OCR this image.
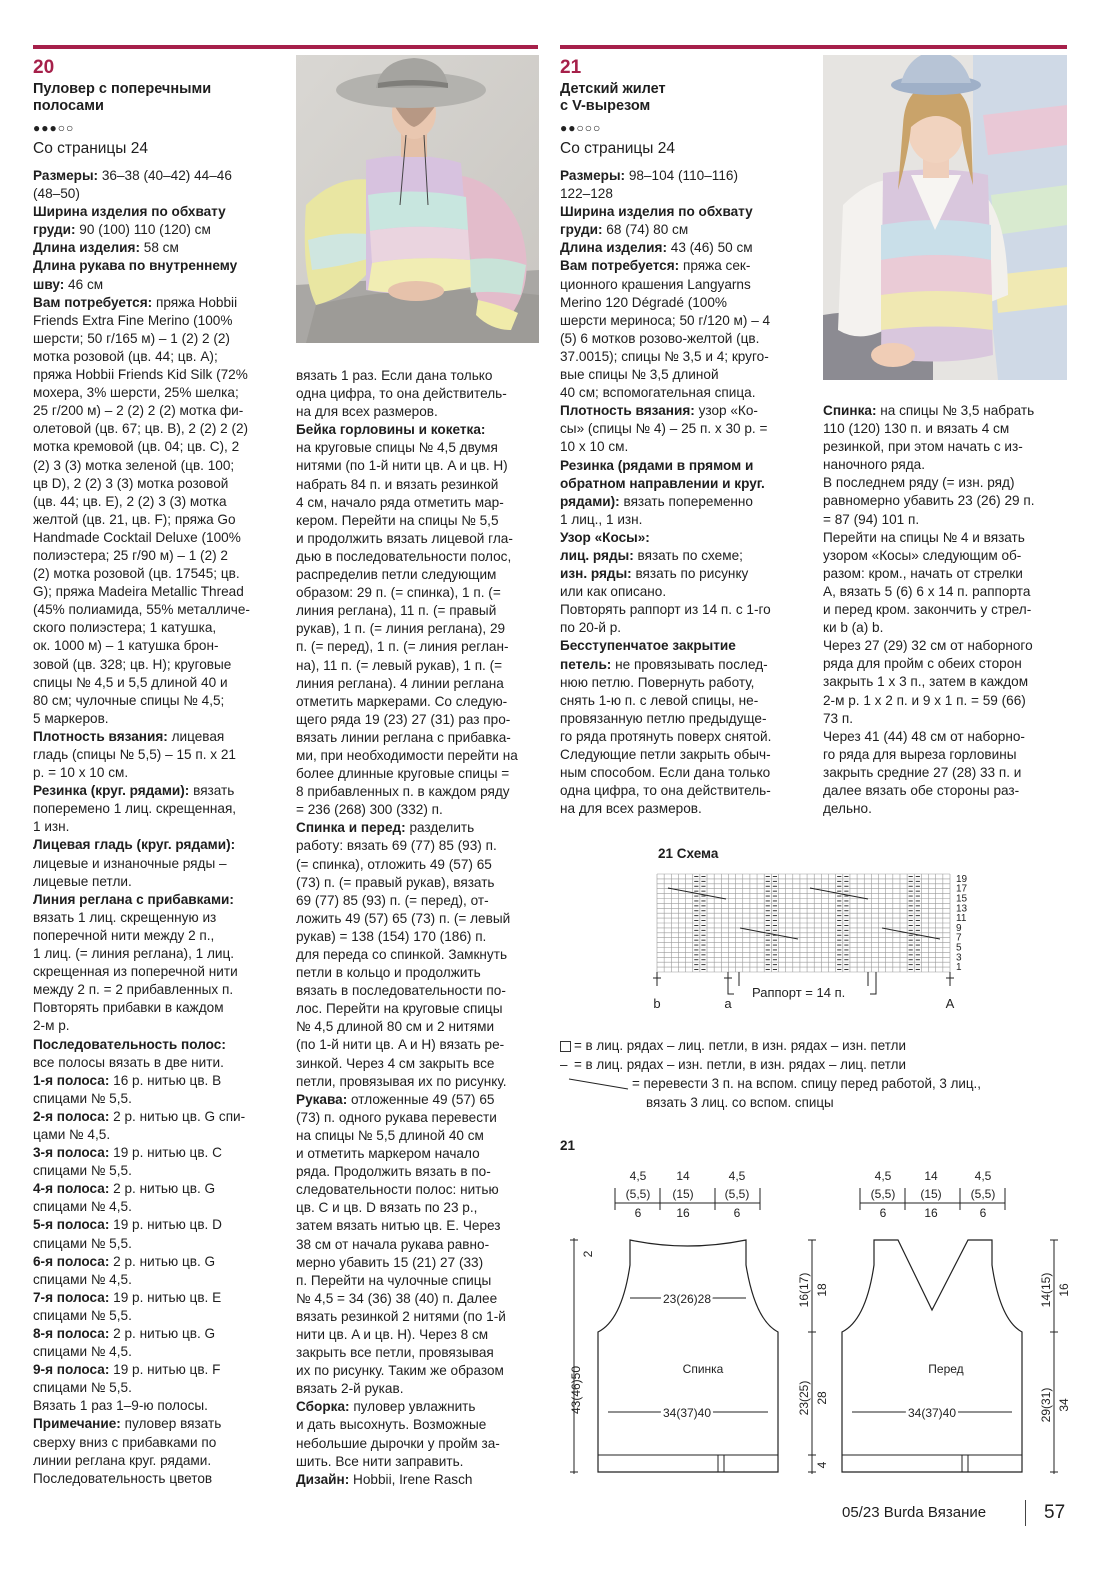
20
Пуловер с поперечными
полосами
●●●○○
Со страницы 24

Размеры: 36–38 (40–42) 44–46

(48–50)

Ширина изделия по обхвату

груди: 90 (100) 110 (120) см

Длина изделия: 58 см

Длина рукава по внутреннему

шву: 46 см

Вам потребуется: пряжа Hobbii

Friends Extra Fine Merino (100%

шерсти; 50 г/165 м) – 1 (2) 2 (2)

мотка розовой (цв. 44; цв. A);

пряжа Hobbii Friends Kid Silk (72%

мохера, 3% шерсти, 25% шелка;

25 г/200 м) – 2 (2) 2 (2) мотка фи-

олетовой (цв. 67; цв. B), 2 (2) 2 (2)

мотка кремовой (цв. 04; цв. C), 2

(2) 3 (3) мотка зеленой (цв. 100;

цв D), 2 (2) 3 (3) мотка розовой

(цв. 44; цв. E), 2 (2) 3 (3) мотка

желтой (цв. 21, цв. F); пряжа Go

Handmade Cocktail Deluxe (100%

полиэстера; 25 г/90 м) – 1 (2) 2

(2) мотка розовой (цв. 17545; цв.

G); пряжа Madeira Metallic Thread

(45% полиамида, 55% металличе-

ского полиэстера; 1 катушка,

ок. 1000 м) – 1 катушка брон-

зовой (цв. 328; цв. H); круговые

спицы № 4,5 и 5,5 длиной 40 и

80 см; чулочные спицы № 4,5;

5 маркеров.

Плотность вязания: лицевая

гладь (спицы № 5,5) – 15 п. х 21

р. = 10 х 10 см.

Резинка (круг. рядами): вязать

поперемено 1 лиц. скрещенная,

1 изн.

Лицевая гладь (круг. рядами):

лицевые и изнаночные ряды –

лицевые петли.

Линия реглана с прибавками:

вязать 1 лиц. скрещенную из

поперечной нити между 2 п.,

1 лиц. (= линия реглана), 1 лиц.

скрещенная из поперечной нити

между 2 п. = 2 прибавленных п.

Повторять прибавки в каждом

2-м р.

Последовательность полос:

все полосы вязать в две нити.

1-я полоса: 16 р. нитью цв. B

спицами № 5,5.

2-я полоса: 2 р. нитью цв. G спи-

цами № 4,5.

3-я полоса: 19 р. нитью цв. C

спицами № 5,5.

4-я полоса: 2 р. нитью цв. G

спицами № 4,5.

5-я полоса: 19 р. нитью цв. D

спицами № 5,5.

6-я полоса: 2 р. нитью цв. G

спицами № 4,5.

7-я полоса: 19 р. нитью цв. E

спицами № 5,5.

8-я полоса: 2 р. нитью цв. G

спицами № 4,5.

9-я полоса: 19 р. нитью цв. F

спицами № 5,5.

Вязать 1 раз 1–9-ю полосы.

Примечание: пуловер вязать

сверху вниз с прибавками по

линии реглана круг. рядами.

Последовательность цветов

вязать 1 раз. Если дана только

одна цифра, то она действитель-

на для всех размеров.

Бейка горловины и кокетка:

на круговые спицы № 4,5 двумя

нитями (по 1-й нити цв. A и цв. H)

набрать 84 п. и вязать резинкой

4 см, начало ряда отметить мар-

кером. Перейти на спицы № 5,5

и продолжить вязать лицевой гла-

дью в последовательности полос,

распределив петли следующим

образом: 29 п. (= спинка), 1 п. (=

линия реглана), 11 п. (= правый

рукав), 1 п. (= линия реглана), 29

п. (= перед), 1 п. (= линия реглан-

на), 11 п. (= левый рукав), 1 п. (=

линия реглана). 4 линии реглана

отметить маркерами. Со следую-

щего ряда 19 (23) 27 (31) раз про-

вязать линии реглана с прибавка-

ми, при необходимости перейти на

более длинные круговые спицы =

8 прибавленных п. в каждом ряду

= 236 (268) 300 (332) п.

Спинка и перед: разделить

работу: вязать 69 (77) 85 (93) п.

(= спинка), отложить 49 (57) 65

(73) п. (= правый рукав), вязать

69 (77) 85 (93) п. (= перед), от-

ложить 49 (57) 65 (73) п. (= левый

рукав) = 138 (154) 170 (186) п.

для переда со спинкой. Замкнуть

петли в кольцо и продолжить

вязать в последовательности по-

лос. Перейти на круговые спицы

№ 4,5 длиной 80 см и 2 нитями

(по 1-й нити цв. A и H) вязать ре-

зинкой. Через 4 см закрыть все

петли, провязывая их по рисунку.

Рукава: отложенные 49 (57) 65

(73) п. одного рукава перевести

на спицы № 5,5 длиной 40 см

и отметить маркером начало

ряда. Продолжить вязать в по-

следовательности полос: нитью

цв. C и цв. D вязать по 23 р.,

затем вязать нитью цв. E. Через

38 см от начала рукава равно-

мерно убавить 15 (21) 27 (33)

п. Перейти на чулочные спицы

№ 4,5 = 34 (36) 38 (40) п. Далее

вязать резинкой 2 нитями (по 1-й

нити цв. A и цв. H). Через 8 см

закрыть все петли, провязывая

их по рисунку. Таким же образом

вязать 2-й рукав.

Сборка: пуловер увлажнить

и дать высохнуть. Возможные

небольшие дырочки у пройм за-

шить. Все нити заправить.

Дизайн: Hobbii, Irene Rasch

21
Детский жилет
с V-вырезом
●●○○○
Со страницы 24

Размеры: 98–104 (110–116)

122–128

Ширина изделия по обхвату

груди: 68 (74) 80 см

Длина изделия: 43 (46) 50 см

Вам потребуется: пряжа сек-

ционного крашения Langyarns

Merino 120 Dégradé (100%

шерсти мериноса; 50 г/120 м) – 4

(5) 6 мотков розово-желтой (цв.

37.0015); спицы № 3,5 и 4; круго-

вые спицы № 3,5 длиной

40 см; вспомогательная спица.

Плотность вязания: узор «Ко-

сы» (спицы № 4) – 25 п. х 30 р. =

10 х 10 см.

Резинка (рядами в прямом и

обратном направлении и круг.

рядами): вязать попеременно

1 лиц., 1 изн.

Узор «Косы»:

лиц. ряды: вязать по схеме;

изн. ряды: вязать по рисунку

или как описано.

Повторять раппорт из 14 п. с 1-го

по 20-й р.

Бесступенчатое закрытие

петель: не провязывать послед-

нюю петлю. Повернуть работу,

снять 1-ю п. с левой спицы, не-

провязанную петлю предыдуще-

го ряда протянуть поверх снятой.

Следующие петли закрыть обыч-

ным способом. Если дана только

одна цифра, то она действитель-

на для всех размеров.

Спинка: на спицы № 3,5 набрать

110 (120) 130 п. и вязать 4 см

резинкой, при этом начать с из-

наночного ряда.

В последнем ряду (= изн. ряд)

равномерно убавить 23 (26) 29 п.

= 87 (94) 101 п.

Перейти на спицы № 4 и вязать

узором «Косы» следующим об-

разом: кром., начать от стрелки

A, вязать 5 (6) 6 х 14 п. раппорта

и перед кром. закончить у стрел-

ки b (a) b.

Через 27 (29) 32 см от наборного

ряда для пройм с обеих сторон

закрыть 1 х 3 п., затем в каждом

2-м р. 1 х 2 п. и 9 х 1 п. = 59 (66)

73 п.

Через 41 (44) 48 см от наборно-

го ряда для выреза горловины

закрыть средние 27 (28) 33 п. и

далее вязать обе стороны раз-

дельно.

21 Схема
19
17
15
13
11
9
7
5
3
1
b	a	A
Раппорт = 14 п.
= в лиц. рядах – лиц. петли, в изн. рядах – изн. петли
– = в лиц. рядах – изн. петли, в изн. рядах – лиц. петли
= перевести 3 п. на вспом. спицу перед работой, 3 лиц.,
вязать 3 лиц. со вспом. спицы
21
4,5 14	4,5
(5,5) (15)	(5,5)
6	16	6
23(26)28
34(37)40
Спинка
43(46)50
2
16(17) 18
23(25) 28
4
4,5	14	4,5
(5,5) (15) (5,5)
6	16	6
34(37)40
Перед
14(15) 16
29(31) 34
05/23 Burda Вязание	57
